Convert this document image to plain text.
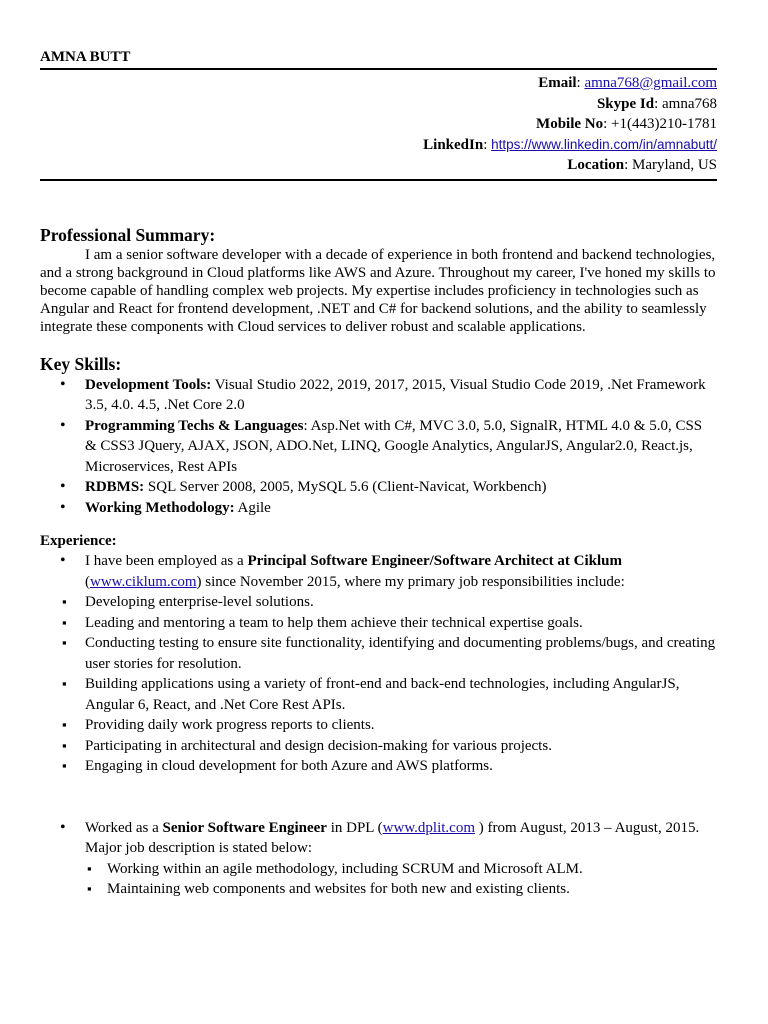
AMNA BUTT

Email: amna768@gmail.com
Skype Id: amna768
Mobile No: +1(443)210-1781
LinkedIn: https://www.linkedin.com/in/amnabutt/
Location: Maryland, US
Professional Summary:

I am a senior software developer with a decade of experience in both frontend and backend technologies, and a strong background in Cloud platforms like AWS and Azure. Throughout my career, I've honed my skills to become capable of handling complex web projects. My expertise includes proficiency in technologies such as Angular and React for frontend development, .NET and C# for backend solutions, and the ability to seamlessly integrate these components with Cloud services to deliver robust and scalable applications.

Key Skills:
• Development Tools: Visual Studio 2022, 2019, 2017, 2015, Visual Studio Code 2019, .Net Framework 3.5, 4.0. 4.5, .Net Core 2.0
• Programming Techs & Languages: Asp.Net with C#, MVC 3.0, 5.0, SignalR, HTML 4.0 & 5.0, CSS & CSS3 JQuery, AJAX, JSON, ADO.Net, LINQ, Google Analytics, AngularJS, Angular2.0, React.js, Microservices, Rest APIs
• RDBMS: SQL Server 2008, 2005, MySQL 5.6 (Client-Navicat, Workbench)
• Working Methodology: Agile

Experience:

• I have been employed as a Principal Software Engineer/Software Architect at Ciklum (www.ciklum.com) since November 2015, where my primary job responsibilities include:
▪ Developing enterprise-level solutions.
▪ Leading and mentoring a team to help them achieve their technical expertise goals.
▪ Conducting testing to ensure site functionality, identifying and documenting problems/bugs, and creating user stories for resolution.
▪ Building applications using a variety of front-end and back-end technologies, including AngularJS, Angular 6, React, and .Net Core Rest APIs.
▪ Providing daily work progress reports to clients.
▪ Participating in architectural and design decision-making for various projects.
▪ Engaging in cloud development for both Azure and AWS platforms.
• Worked as a Senior Software Engineer in DPL (www.dplit.com ) from August, 2013 – August, 2015. Major job description is stated below:
▪ Working within an agile methodology, including SCRUM and Microsoft ALM.
▪ Maintaining web components and websites for both new and existing clients.
